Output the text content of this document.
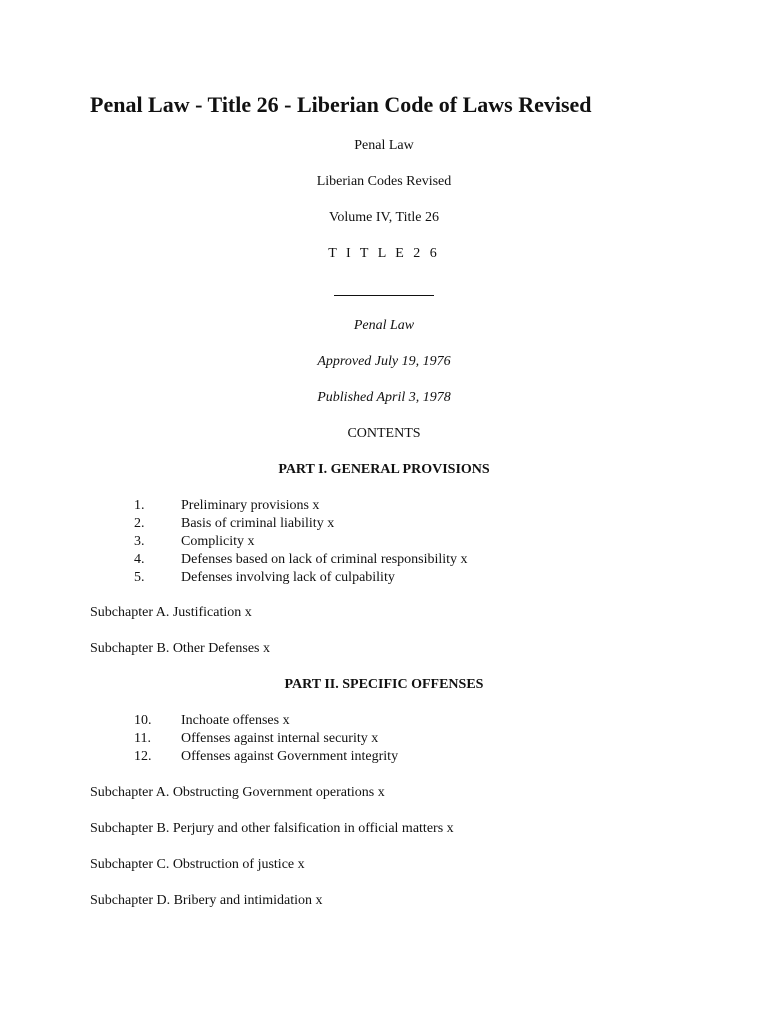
Penal Law - Title 26 - Liberian Code of Laws Revised
Penal Law
Liberian Codes Revised
Volume IV, Title 26
T I T L E 2 6
Penal Law
Approved July 19, 1976
Published April 3, 1978
CONTENTS
PART I. GENERAL PROVISIONS
1.	Preliminary provisions x
2.	Basis of criminal liability x
3.	Complicity x
4.	Defenses based on lack of criminal responsibility x
5.	Defenses involving lack of culpability
Subchapter A. Justification x
Subchapter B. Other Defenses x
PART II. SPECIFIC OFFENSES
10. Inchoate offenses x
11. Offenses against internal security x
12. Offenses against Government integrity
Subchapter A. Obstructing Government operations x
Subchapter B. Perjury and other falsification in official matters x
Subchapter C. Obstruction of justice x
Subchapter D. Bribery and intimidation x
